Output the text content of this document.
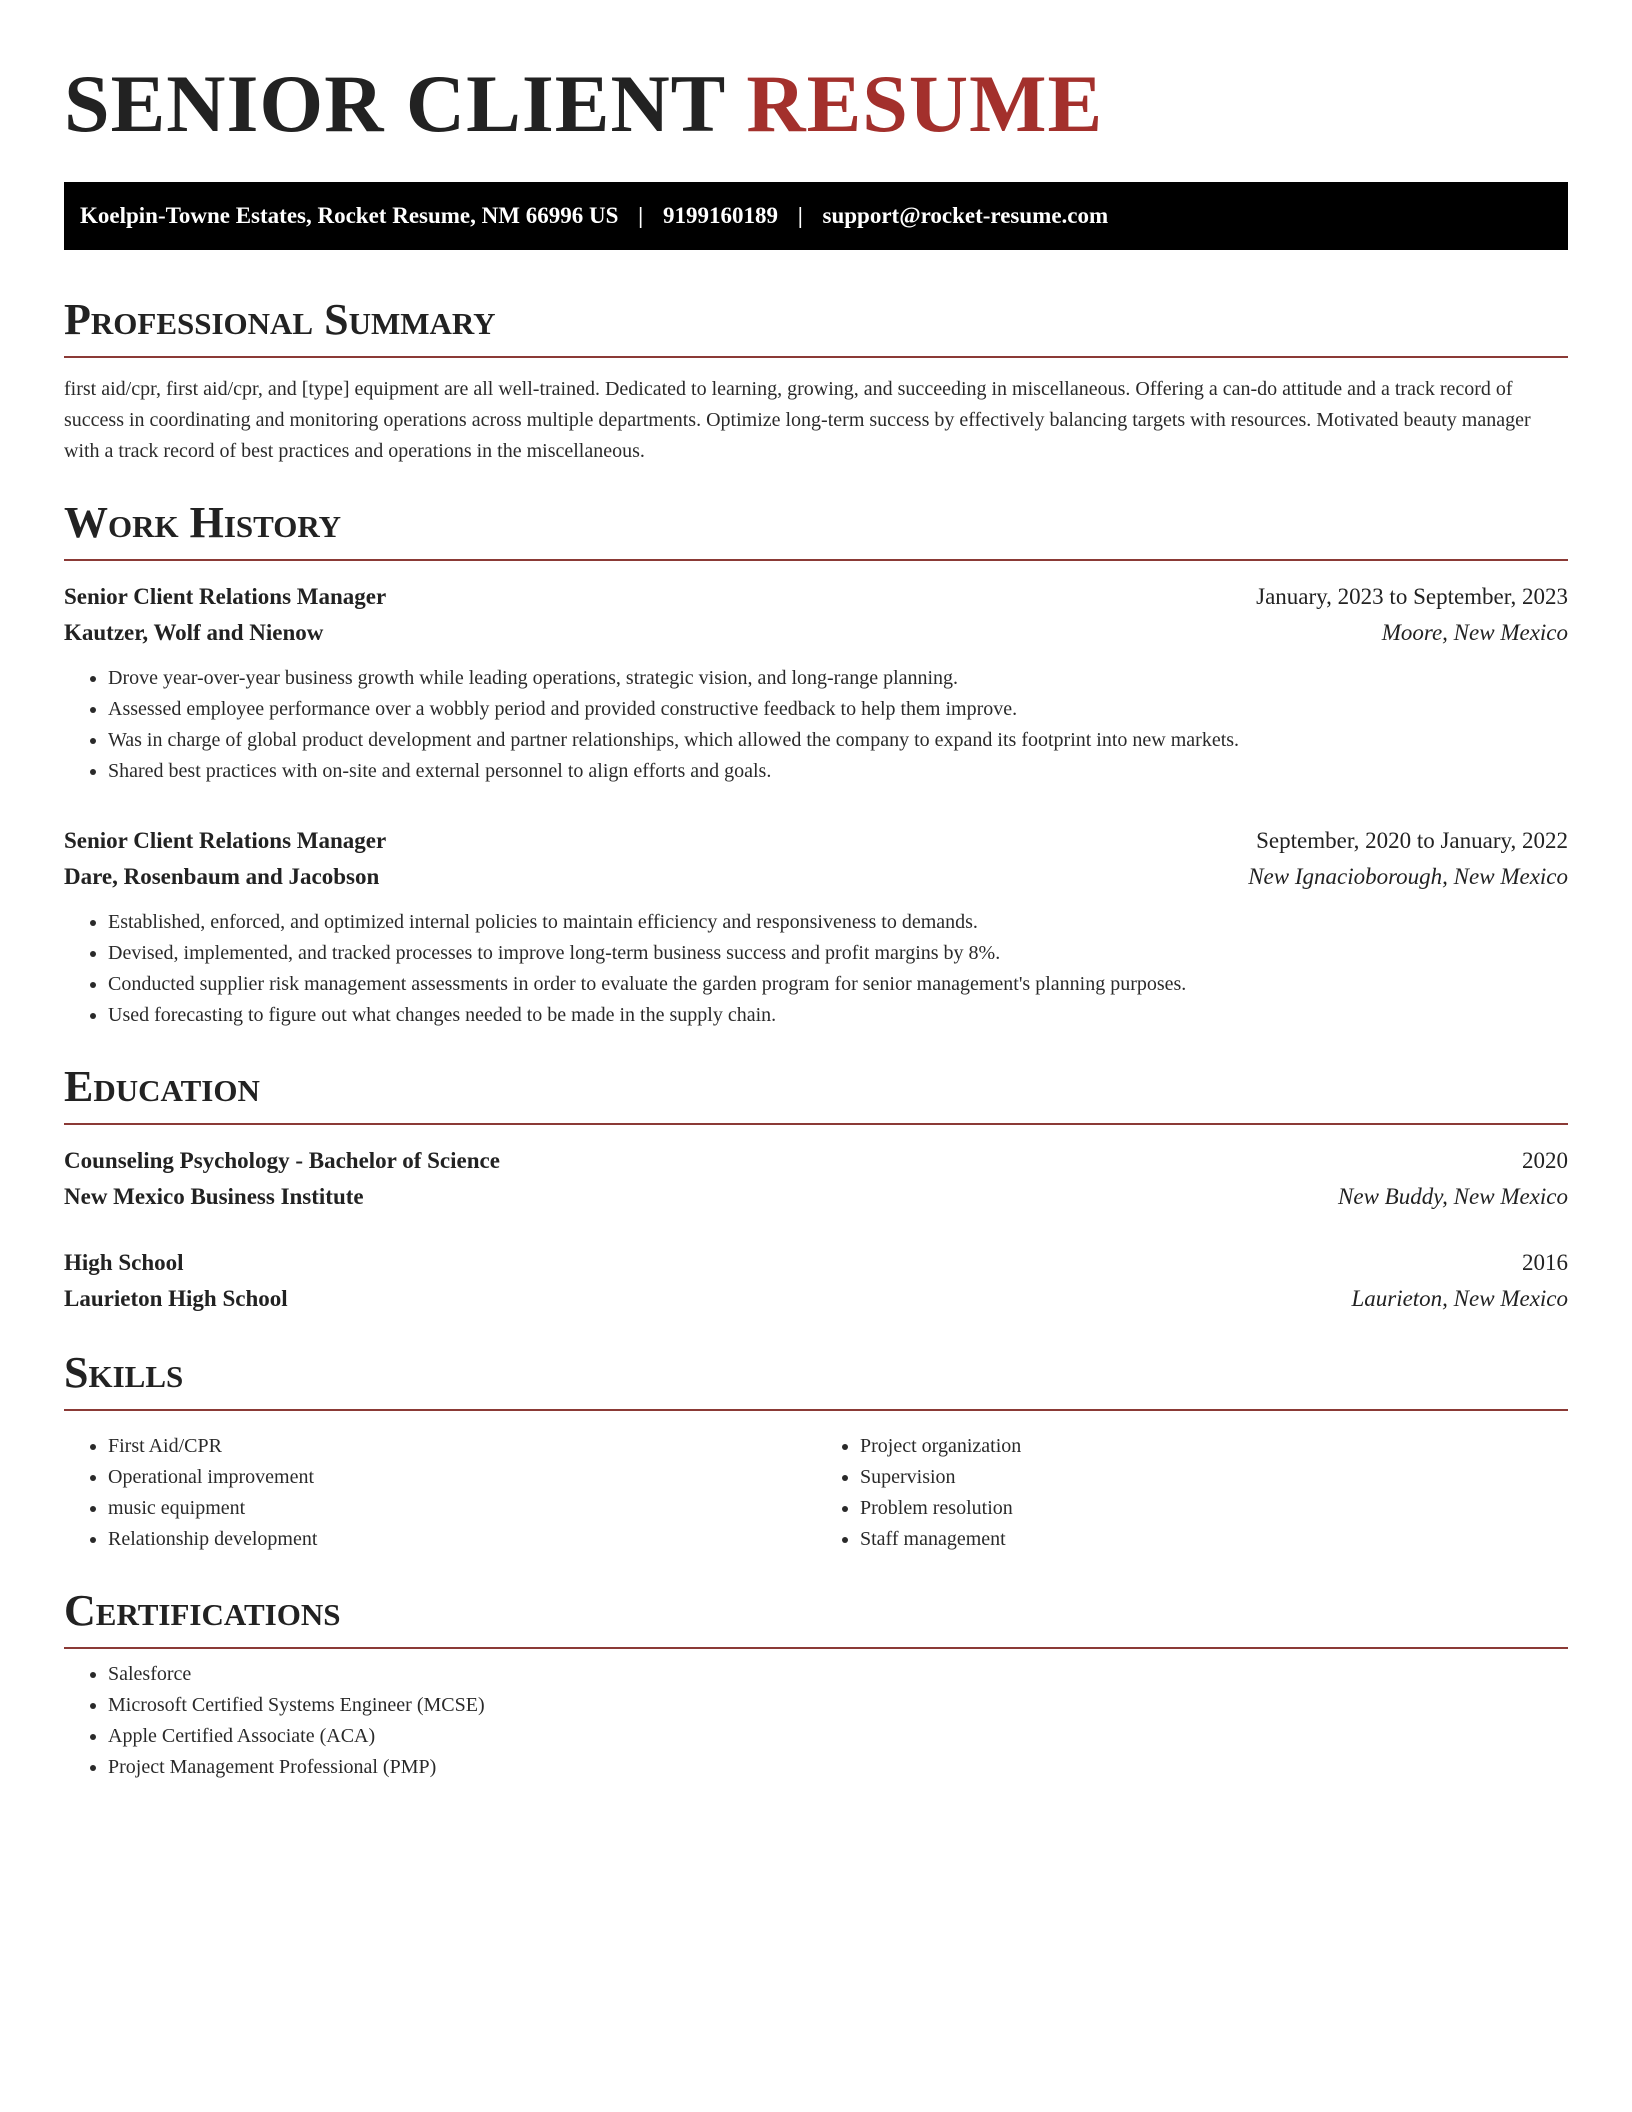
SENIOR CLIENT RESUME
Koelpin-Towne Estates, Rocket Resume, NM 66996 US | 9199160189 | support@rocket-resume.com
Professional Summary

first aid/cpr, first aid/cpr, and [type] equipment are all well-trained. Dedicated to learning, growing, and succeeding in miscellaneous. Offering a can-do attitude and a track record of success in coordinating and monitoring operations across multiple departments. Optimize long-term success by effectively balancing targets with resources. Motivated beauty manager with a track record of best practices and operations in the miscellaneous.

Work History
Senior Client Relations Manager	January, 2023 to September, 2023
Kautzer, Wolf and Nienow	Moore, New Mexico
• Drove year-over-year business growth while leading operations, strategic vision, and long-range planning.
• Assessed employee performance over a wobbly period and provided constructive feedback to help them improve.
• Was in charge of global product development and partner relationships, which allowed the company to expand its footprint into new markets.
• Shared best practices with on-site and external personnel to align efforts and goals.
Senior Client Relations Manager	September, 2020 to January, 2022
Dare, Rosenbaum and Jacobson	New Ignacioborough, New Mexico
• Established, enforced, and optimized internal policies to maintain efficiency and responsiveness to demands.
• Devised, implemented, and tracked processes to improve long-term business success and profit margins by 8%.
• Conducted supplier risk management assessments in order to evaluate the garden program for senior management's planning purposes.
• Used forecasting to figure out what changes needed to be made in the supply chain.
Education
Counseling Psychology - Bachelor of Science	2020
New Mexico Business Institute	New Buddy, New Mexico
High School	2016
Laurieton High School	Laurieton, New Mexico
Skills
• First Aid/CPR
• Operational improvement
• music equipment
• Relationship development
• Project organization
• Supervision
• Problem resolution
• Staff management
Certifications
• Salesforce
• Microsoft Certified Systems Engineer (MCSE)
• Apple Certified Associate (ACA)
• Project Management Professional (PMP)
